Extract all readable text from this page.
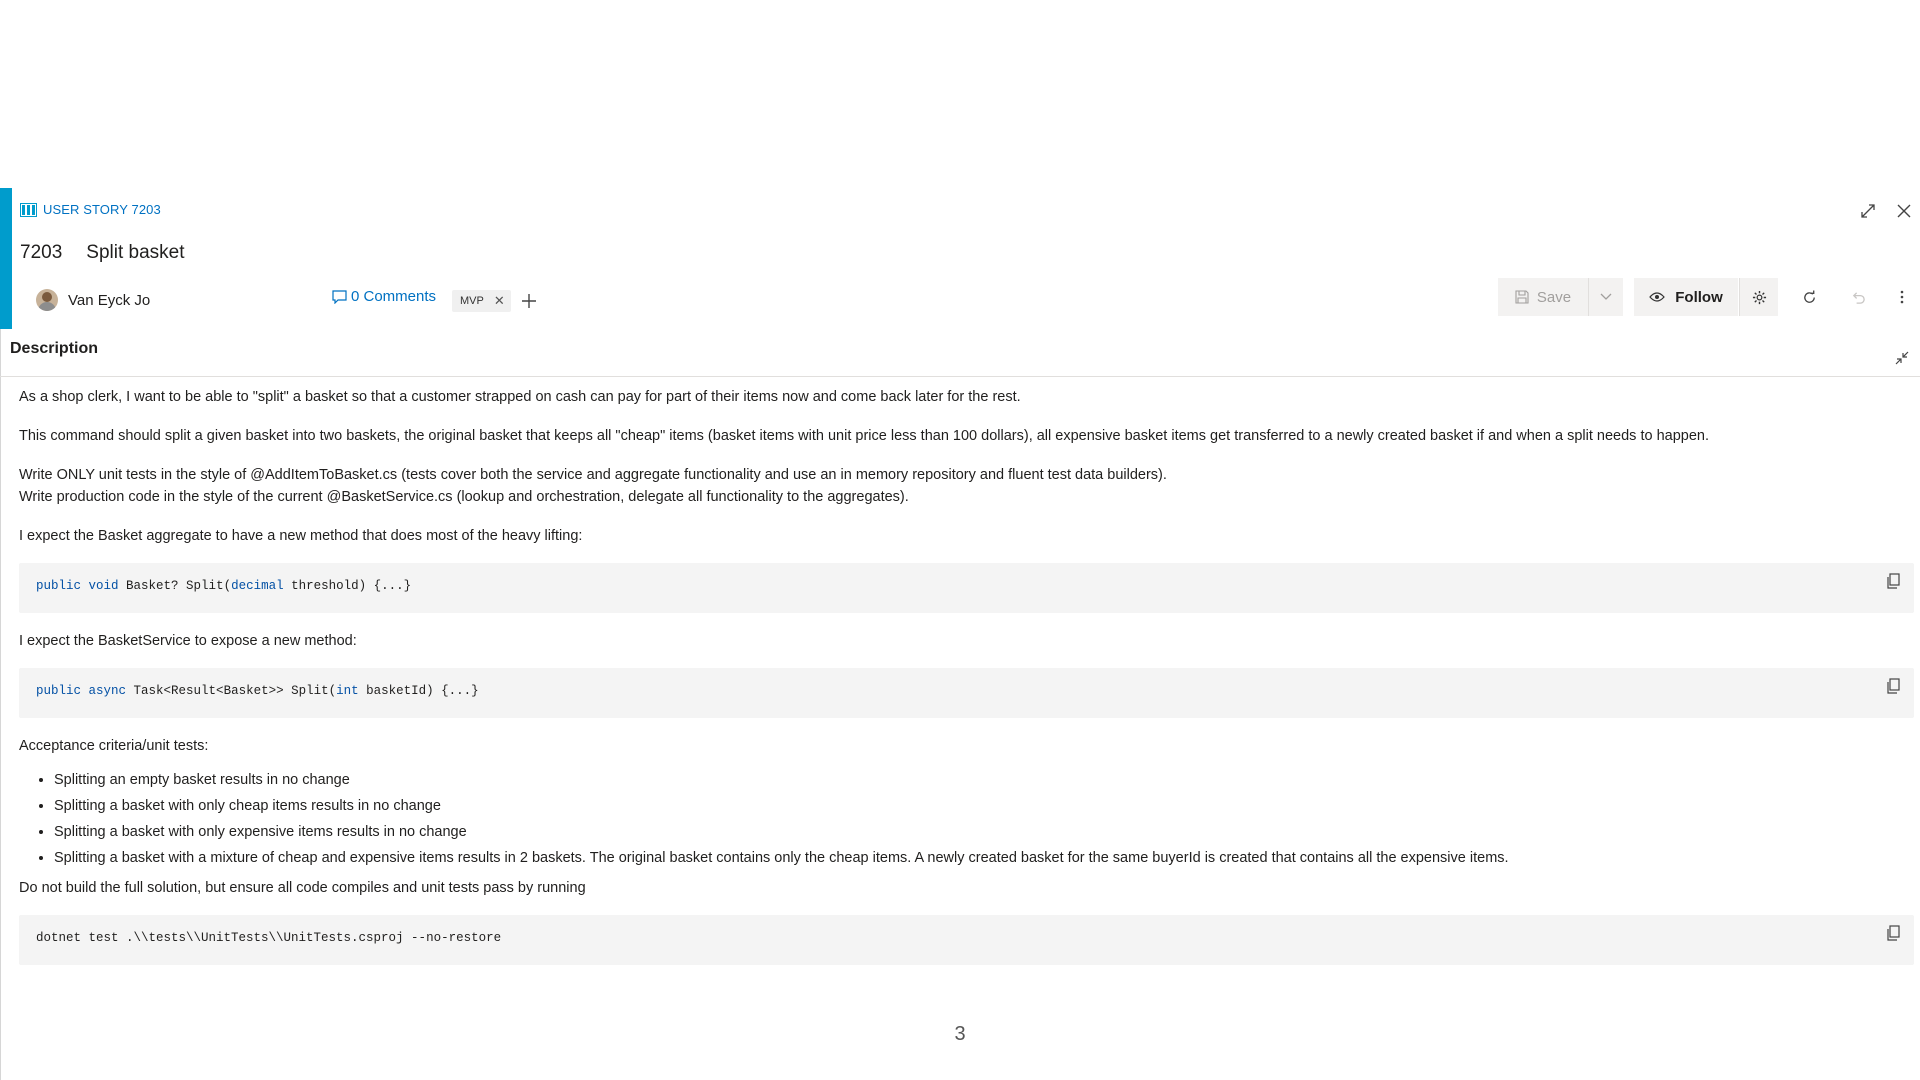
USER STORY 7203
7203 Split basket
Van Eyck Jo	0 Comments MVP ✕	Save	Follow
Description

As a shop clerk, I want to be able to "split" a basket so that a customer strapped on cash can pay for part of their items now and come back later for the rest.

This command should split a given basket into two baskets, the original basket that keeps all "cheap" items (basket items with unit price less than 100 dollars), all expensive basket items get transferred to a newly created basket if and when a split needs to happen.

Write ONLY unit tests in the style of @AddItemToBasket.cs (tests cover both the service and aggregate functionality and use an in memory repository and fluent test data builders).

Write production code in the style of the current @BasketService.cs (lookup and orchestration, delegate all functionality to the aggregates).

I expect the Basket aggregate to have a new method that does most of the heavy lifting:

public void Basket? Split(decimal threshold) {...}

I expect the BasketService to expose a new method:

public async Task<Result<Basket>> Split(int basketId) {...}

Acceptance criteria/unit tests:

• Splitting an empty basket results in no change
• Splitting a basket with only cheap items results in no change
• Splitting a basket with only expensive items results in no change
• Splitting a basket with a mixture of cheap and expensive items results in 2 baskets. The original basket contains only the cheap items. A newly created basket for the same buyerId is created that contains all the expensive items.

Do not build the full solution, but ensure all code compiles and unit tests pass by running

dotnet test .\\tests\\UnitTests\\UnitTests.csproj --no-restore
3
